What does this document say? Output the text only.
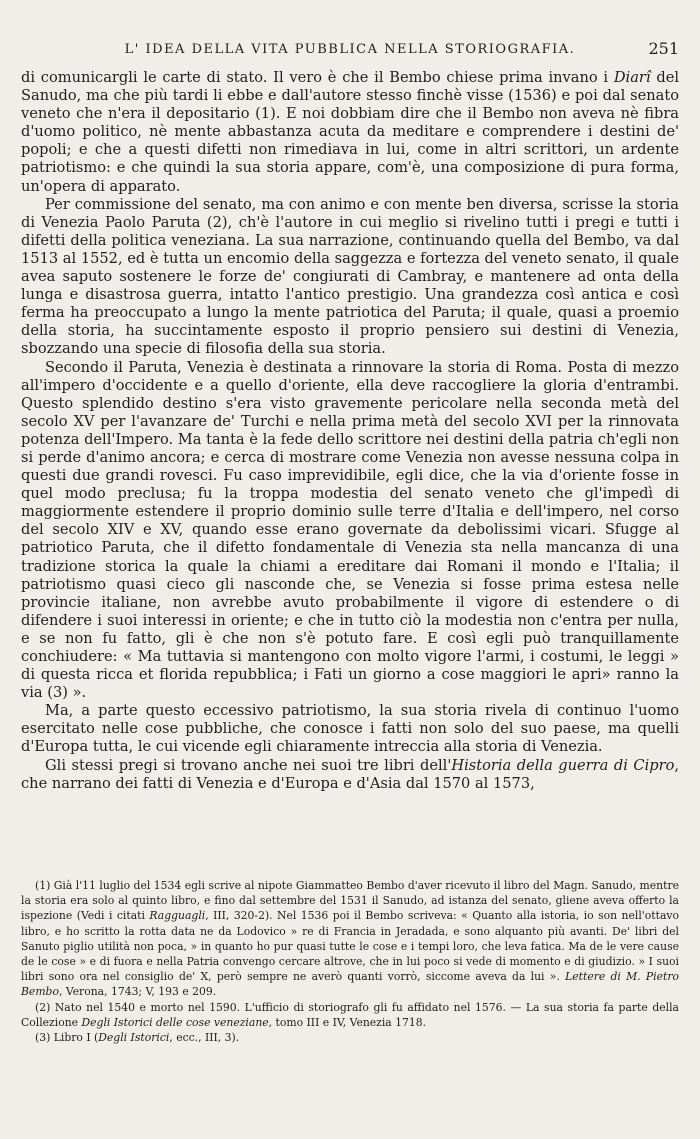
L' IDEA DELLA VITA PUBBLICA NELLA STORIOGRAFIA.	251

di comunicargli le carte di stato. Il vero è che il Bembo chiese prima invano i Diarî del Sanudo, ma che più tardi li ebbe e dall'autore stesso finchè visse (1536) e poi dal senato veneto che n'era il depositario (1). E noi dobbiam dire che il Bembo non aveva nè fibra d'uomo politico, nè mente abbastanza acuta da meditare e comprendere i destini de' popoli; e che a questi difetti non rimediava in lui, come in altri scrittori, un ardente patriotismo: e che quindi la sua storia appare, com'è, una composizione di pura forma, un'opera di apparato.

Per commissione del senato, ma con animo e con mente ben diversa, scrisse la storia di Venezia Paolo Paruta (2), ch'è l'autore in cui meglio si rivelino tutti i pregi e tutti i difetti della politica veneziana. La sua narrazione, continuando quella del Bembo, va dal 1513 al 1552, ed è tutta un encomio della saggezza e fortezza del veneto senato, il quale avea saputo sostenere le forze de' congiurati di Cambray, e mantenere ad onta della lunga e disastrosa guerra, intatto l'antico prestigio. Una grandezza così antica e così ferma ha preoccupato a lungo la mente patriotica del Paruta; il quale, quasi a proemio della storia, ha succintamente esposto il proprio pensiero sui destini di Venezia, sbozzando una specie di filosofia della sua storia.

Secondo il Paruta, Venezia è destinata a rinnovare la storia di Roma. Posta di mezzo all'impero d'occidente e a quello d'oriente, ella deve raccogliere la gloria d'entrambi. Questo splendido destino s'era visto gravemente pericolare nella seconda metà del secolo XV per l'avanzare de' Turchi e nella prima metà del secolo XVI per la rinnovata potenza dell'Impero. Ma tanta è la fede dello scrittore nei destini della patria ch'egli non si perde d'animo ancora; e cerca di mostrare come Venezia non avesse nessuna colpa in questi due grandi rovesci. Fu caso imprevidibile, egli dice, che la via d'oriente fosse in quel modo preclusa; fu la troppa modestia del senato veneto che gl'impedì di maggiormente estendere il proprio dominio sulle terre d'Italia e dell'impero, nel corso del secolo XIV e XV, quando esse erano governate da debolissimi vicari. Sfugge al patriotico Paruta, che il difetto fondamentale di Venezia sta nella mancanza di una tradizione storica la quale la chiami a ereditare dai Romani il mondo e l'Italia; il patriotismo quasi cieco gli nasconde che, se Venezia si fosse prima estesa nelle provincie italiane, non avrebbe avuto probabilmente il vigore di estendere o di difendere i suoi interessi in oriente; e che in tutto ciò la modestia non c'entra per nulla, e se non fu fatto, gli è che non s'è potuto fare. E così egli può tranquillamente conchiudere: « Ma tuttavia si mantengono con molto vigore l'armi, i costumi, le leggi » di questa ricca et florida repubblica; i Fati un giorno a cose maggiori le apri» ranno la via (3) ».

Ma, a parte questo eccessivo patriotismo, la sua storia rivela di continuo l'uomo esercitato nelle cose pubbliche, che conosce i fatti non solo del suo paese, ma quelli d'Europa tutta, le cui vicende egli chiaramente intreccia alla storia di Venezia.

Gli stessi pregi si trovano anche nei suoi tre libri dell'Historia della guerra di Cipro, che narrano dei fatti di Venezia e d'Europa e d'Asia dal 1570 al 1573,

(1) Già l'11 luglio del 1534 egli scrive al nipote Giammatteo Bembo d'aver ricevuto il libro del Magn. Sanudo, mentre la storia era solo al quinto libro, e fino dal settembre del 1531 il Sanudo, ad istanza del senato, gliene aveva offerto la ispezione (Vedi i citati Ragguagli, III, 320-2). Nel 1536 poi il Bembo scriveva: « Quanto alla istoria, io son nell'ottavo libro, e ho scritto la rotta data ne da Lodovico » re di Francia in Jeradada, e sono alquanto più avanti. De' libri del Sanuto piglio utilità non poca, » in quanto ho pur quasi tutte le cose e i tempi loro, che leva fatica. Ma de le vere cause de le cose » e di fuora e nella Patria convengo cercare altrove, che in lui poco si vede di momento e di giudizio. » I suoi libri sono ora nel consiglio de' X, però sempre ne averò quanti vorrò, siccome aveva da lui ». Lettere di M. Pietro Bembo, Verona, 1743; V, 193 e 209.

(2) Nato nel 1540 e morto nel 1590. L'ufficio di storiografo gli fu affidato nel 1576. — La sua storia fa parte della Collezione Degli Istorici delle cose veneziane, tomo III e IV, Venezia 1718.

(3) Libro I (Degli Istorici, ecc., III, 3).
